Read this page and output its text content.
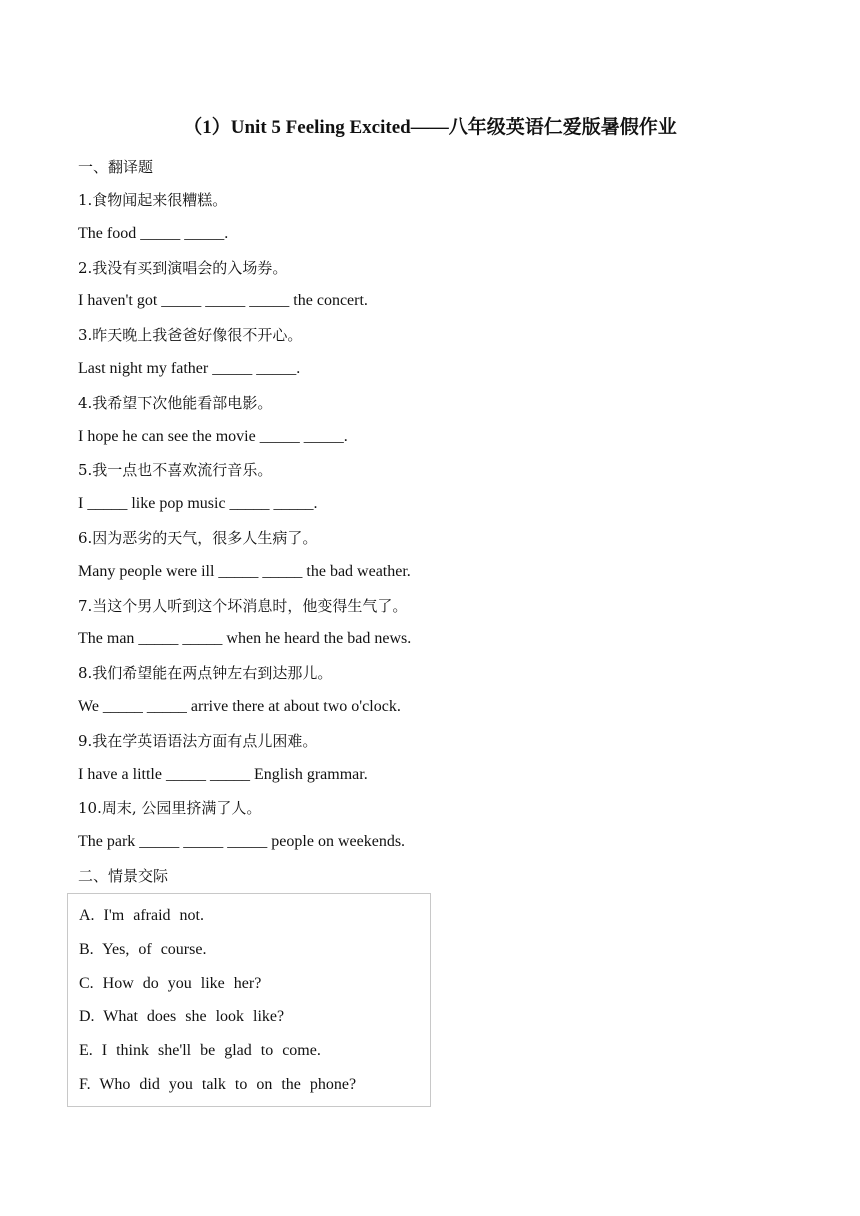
（1）Unit 5 Feeling Excited——八年级英语仁爱版暑假作业
一、翻译题
1.食物闻起来很糟糕。
The food _____ _____.
2.我没有买到演唱会的入场券。
I haven't got _____ _____ _____ the concert.
3.昨天晚上我爸爸好像很不开心。
Last night my father _____ _____.
4.我希望下次他能看部电影。
I hope he can see the movie _____ _____.
5.我一点也不喜欢流行音乐。
I _____ like pop music _____ _____.
6.因为恶劣的天气，很多人生病了。
Many people were ill _____ _____ the bad weather.
7.当这个男人听到这个坏消息时，他变得生气了。
The man _____ _____ when he heard the bad news.
8.我们希望能在两点钟左右到达那儿。
We _____ _____ arrive there at about two o'clock.
9.我在学英语语法方面有点儿困难。
I have a little _____ _____ English grammar.
10.周末, 公园里挤满了人。
The park _____ _____ _____ people on weekends.
二、情景交际
A. I'm afraid not.
B. Yes, of course.
C. How do you like her?
D. What does she look like?
E. I think she'll be glad to come.
F. Who did you talk to on the phone?
